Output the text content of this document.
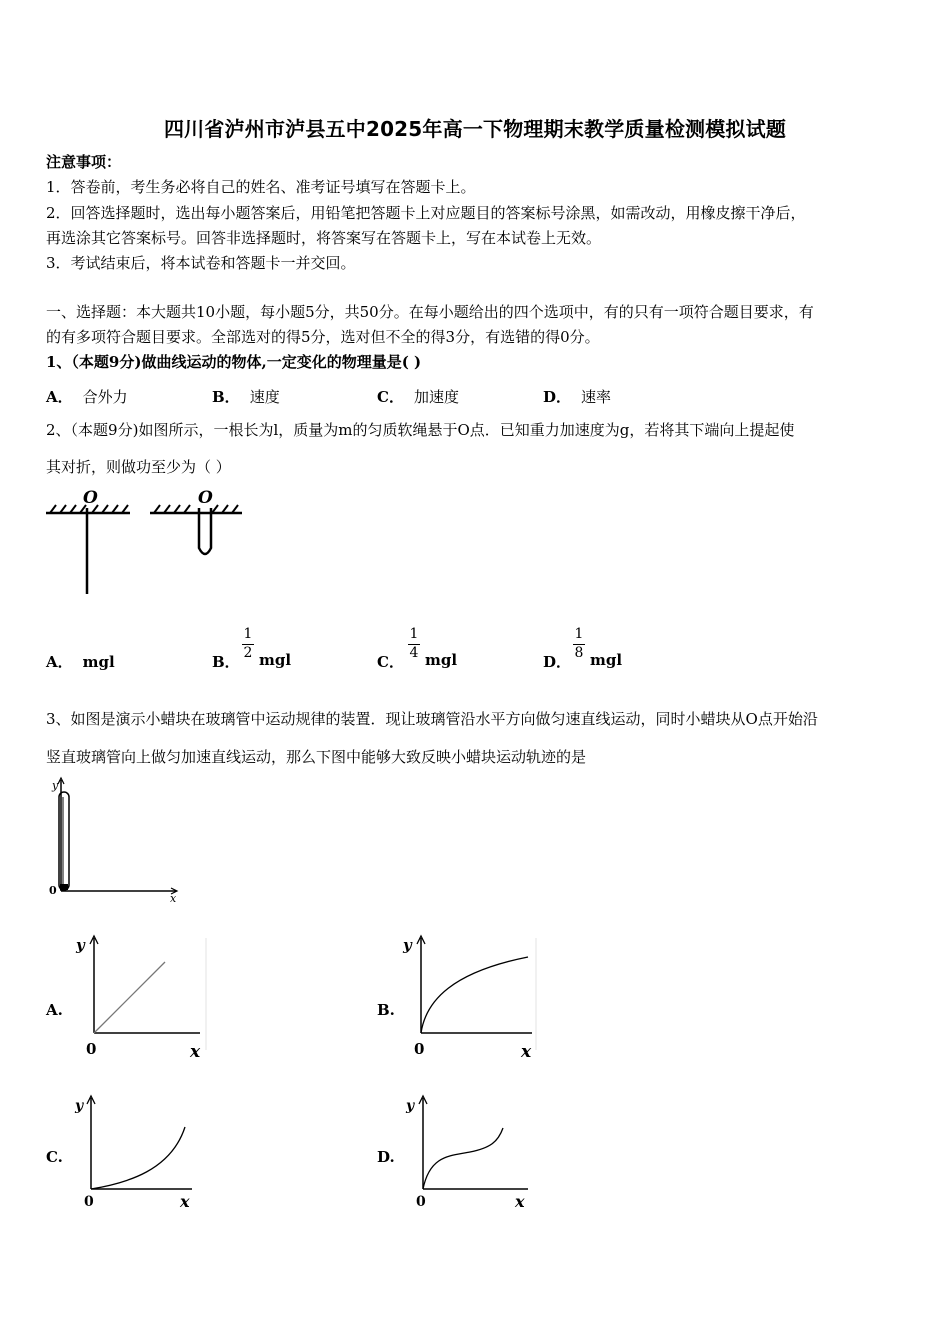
四川省泸州市泸县五中2025年高一下物理期末教学质量检测模拟试题
注意事项：
1．答卷前，考生务必将自己的姓名、准考证号填写在答题卡上。
2．回答选择题时，选出每小题答案后，用铅笔把答题卡上对应题目的答案标号涂黑，如需改动，用橡皮擦干净后，
再选涂其它答案标号。回答非选择题时，将答案写在答题卡上，写在本试卷上无效。
3．考试结束后，将本试卷和答题卡一并交回。
一、选择题：本大题共10小题，每小题5分，共50分。在每小题给出的四个选项中，有的只有一项符合题目要求，有
的有多项符合题目要求。全部选对的得5分，选对但不全的得3分，有选错的得0分。
1、（本题9分)做曲线运动的物体,一定变化的物理量是( )
A． 合外力	B． 速度	C． 加速度	D． 速率
2、（本题9分)如图所示，一根长为l，质量为m的匀质软绳悬于O点．已知重力加速度为g，若将其下端向上提起使
其对折，则做功至少为（ ）
O	O
A． mgl	B．
1
2 mgl	C．
1
4 mgl	D．
1
8 mgl
3、如图是演示小蜡块在玻璃管中运动规律的装置．现让玻璃管沿水平方向做匀速直线运动，同时小蜡块从O点开始沿
竖直玻璃管向上做匀加速直线运动，那么下图中能够大致反映小蜡块运动轨迹的是
y
x
0
A.
y
x
0
B.
y
x
0
C.
y
x
0
D.
y
x
0
